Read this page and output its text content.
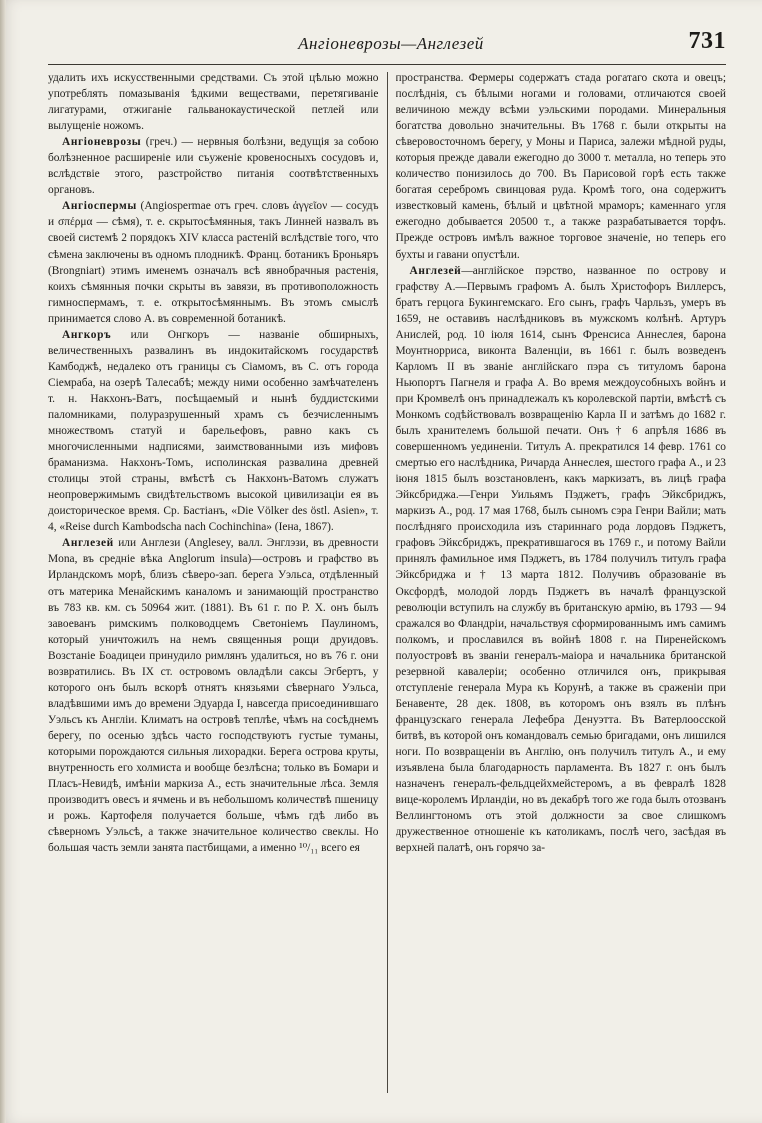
Ангіоневрозы—Англезей	731

удалить ихъ искусственными средствами. Съ этой цѣлью можно употреблять помазыванія ѣдкими веществами, перетягиваніе лигатурами, отжиганіе гальванокаустической петлей или вылущеніе ножомъ.

Ангіоневрозы (греч.) — нервныя болѣзни, ведущія за собою болѣзненное расширеніе или съуженіе кровеносныхъ сосудовъ и, вслѣдствіе этого, разстройство питанія соотвѣтственныхъ органовъ.

Ангіоспермы (Angiospermae отъ греч. словъ ἀγγεῖον — сосудъ и σπέρμα — сѣмя), т. е. скрытосѣмянныя, такъ Линней назвалъ въ своей системѣ 2 порядокъ XIV класса растеній вслѣдствіе того, что сѣмена заключены въ одномъ плодникѣ. Франц. ботаникъ Броньяръ (Brongniart) этимъ именемъ означалъ всѣ явнобрачныя растенія, коихъ сѣмянныя почки скрыты въ завязи, въ противоположность гимноспермамъ, т. е. открытосѣмяннымъ. Въ этомъ смыслѣ принимается слово А. въ современной ботаникѣ.

Ангкоръ или Онгкоръ — названіе обширныхъ, величественныхъ развалинъ въ индокитайскомъ государствѣ Камбоджѣ, недалеко отъ границы съ Сіамомъ, въ С. отъ города Сіемраба, на озерѣ Талесабѣ; между ними особенно замѣчателенъ т. н. Накхонъ-Ватъ, посѣщаемый и нынѣ буддистскими паломниками, полуразрушенный храмъ съ безчисленнымъ множествомъ статуй и барельефовъ, равно какъ съ многочисленными надписями, заимствованными изъ мифовъ браманизма. Накхонъ-Томъ, исполинская развалина древней столицы этой страны, вмѣстѣ съ Накхонъ-Ватомъ служатъ неопровержимымъ свидѣтельствомъ высокой цивилизаціи ея въ доисторическое время. Ср. Бастіанъ, «Die Völker des östl. Asien», т. 4, «Reise durch Kambodscha nach Cochinchina» (Іена, 1867).

Англезей или Англези (Anglesey, валл. Энглэзи, въ древности Mona, въ средніе вѣка Anglorum insula)—островъ и графство въ Ирландскомъ морѣ, близъ сѣверо-зап. берега Уэльса, отдѣленный отъ материка Менайскимъ каналомъ и занимающій пространство въ 783 кв. км. съ 50964 жит. (1881). Въ 61 г. по Р. Х. онъ былъ завоеванъ римскимъ полководцемъ Светоніемъ Паулиномъ, который уничтожилъ на немъ священныя рощи друидовъ. Возстаніе Боадицеи принудило римлянъ удалиться, но въ 76 г. они возвратились. Въ IX ст. островомъ овладѣли саксы Эгбертъ, у которого онъ былъ вскорѣ отнятъ князьями сѣвернаго Уэльса, владѣвшими имъ до времени Эдуарда I, навсегда присоединившаго Уэльсъ къ Англіи. Климатъ на островѣ теплѣе, чѣмъ на сосѣднемъ берегу, по осенью здѣсь часто господствуютъ густые туманы, которыми порождаются сильныя лихорадки. Берега острова круты, внутренность его холмиста и вообще безлѣсна; только въ Бомари и Пласъ-Невидѣ, имѣніи маркиза А., есть значительные лѣса. Земля производитъ овесъ и ячмень и въ небольшомъ количествѣ пшеницу и рожь. Картофеля получается больше, чѣмъ гдѣ либо въ сѣверномъ Уэльсѣ, а также значительное количество свеклы. Но большая часть земли занята пастбищами, а именно ¹⁰/₁₁ всего ея

пространства. Фермеры содержатъ стада рогатаго скота и овецъ; послѣднія, съ бѣлыми ногами и головами, отличаются своей величиною между всѣми уэльскими породами. Минеральныя богатства довольно значительны. Въ 1768 г. были открыты на сѣверовосточномъ берегу, у Моны и Париса, залежи мѣдной руды, которыя прежде давали ежегодно до 3000 т. металла, но теперь это количество понизилось до 700. Въ Парисовой горѣ есть также богатая серебромъ свинцовая руда. Кромѣ того, она содержитъ известковый камень, бѣлый и цвѣтной мраморъ; каменнаго угля ежегодно добывается 20500 т., а также разрабатывается торфъ. Прежде островъ имѣлъ важное торговое значеніе, но теперь его бухты и гавани опустѣли.

Англезей—англійское пэрство, названное по острову и графству А.—Первымъ графомъ А. былъ Христофоръ Виллерсъ, братъ герцога Букингемскаго. Его сынъ, графъ Чарльзъ, умеръ въ 1659, не оставивъ наслѣдниковъ въ мужскомъ колѣнѣ. Артуръ Анислей, род. 10 іюля 1614, сынъ Френсиса Аннеслея, барона Моунтнорриса, виконта Валенціи, въ 1661 г. былъ возведенъ Карломъ II въ званіе англійскаго пэра съ титуломъ барона Ньюпортъ Пагнеля и графа А. Во время междоусобныхъ войнъ и при Кромвелѣ онъ принадлежалъ къ королевской партіи, вмѣстѣ съ Монкомъ содѣйствовалъ возвращенію Карла II и затѣмъ до 1682 г. былъ хранителемъ большой печати. Онъ † 6 апрѣля 1686 въ совершенномъ уединеніи. Титулъ А. прекратился 14 февр. 1761 со смертью его наслѣдника, Ричарда Аннеслея, шестого графа А., и 23 іюня 1815 былъ возстановленъ, какъ маркизатъ, въ лицѣ графа Эйксбриджа.—Генри Уильямъ Пэджетъ, графъ Эйксбриджъ, маркизъ А., род. 17 мая 1768, былъ сыномъ сэра Генри Вайли; мать послѣдняго происходила изъ стариннаго рода лордовъ Пэджетъ, графовъ Эйксбриджъ, прекратившагося въ 1769 г., и потому Вайли принялъ фамильное имя Пэджетъ, въ 1784 получилъ титулъ графа Эйксбриджа и † 13 марта 1812. Получивъ образованіе въ Оксфордѣ, молодой лордъ Пэджетъ въ началѣ французской революціи вступилъ на службу въ британскую армію, въ 1793 — 94 сражался во Фландріи, начальствуя сформированнымъ имъ самимъ полкомъ, и прославился въ войнѣ 1808 г. на Пиренейскомъ полуостровѣ въ званіи генералъ-маіора и начальника британской резервной кавалеріи; особенно отличился онъ, прикрывая отступленіе генерала Мура къ Корунѣ, а также въ сраженіи при Бенавенте, 28 дек. 1808, въ которомъ онъ взялъ въ плѣнъ французскаго генерала Лефебра Денуэтта. Въ Ватерлоосской битвѣ, въ которой онъ командовалъ семью бригадами, онъ лишился ноги. По возвращеніи въ Англію, онъ получилъ титулъ А., и ему изъявлена была благодарность парламента. Въ 1827 г. онъ былъ назначенъ генералъ-фельдцейхмейстеромъ, а въ февралѣ 1828 вице-королемъ Ирландіи, но въ декабрѣ того же года былъ отозванъ Веллингтономъ отъ этой должности за свое слишкомъ дружественное отношеніе къ католикамъ, послѣ чего, засѣдая въ верхней палатѣ, онъ горячо за-
